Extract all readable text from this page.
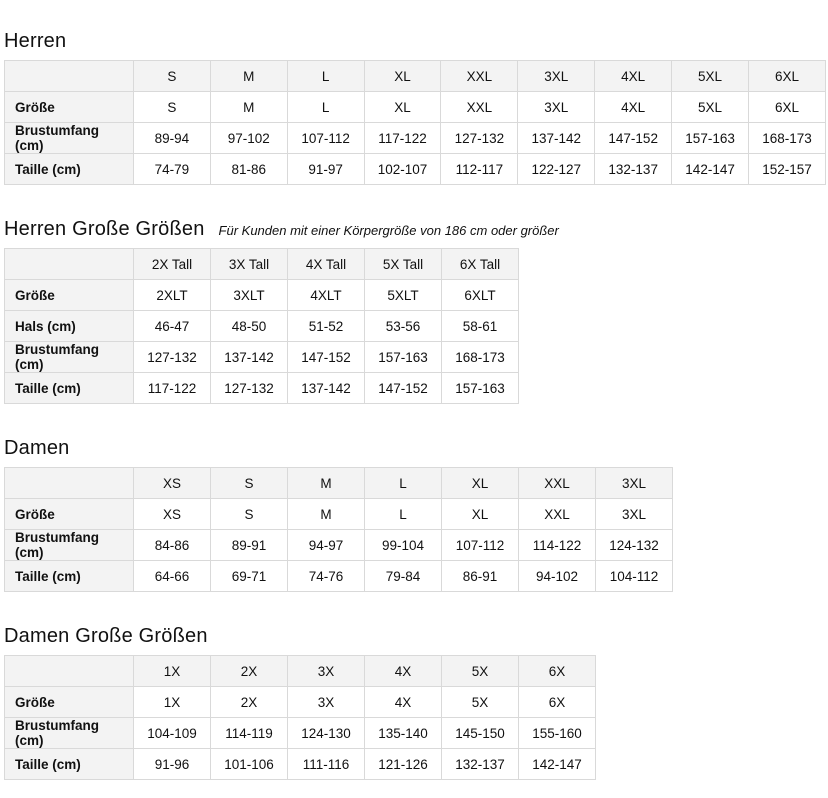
Herren
	S	M	L	XL	XXL	3XL	4XL	5XL	6XL
Größe	S	M	L	XL	XXL	3XL	4XL	5XL	6XL
Brustumfang (cm)	89-94	97-102	107-112	117-122	127-132	137-142	147-152	157-163	168-173
Taille (cm)	74-79	81-86	91-97	102-107	112-117	122-127	132-137	142-147	152-157
Herren Große Größen Für Kunden mit einer Körpergröße von 186 cm oder größer
	2X Tall	3X Tall	4X Tall	5X Tall	6X Tall
Größe	2XLT	3XLT	4XLT	5XLT	6XLT
Hals (cm)	46-47	48-50	51-52	53-56	58-61
Brustumfang (cm)	127-132	137-142	147-152	157-163	168-173
Taille (cm)	117-122	127-132	137-142	147-152	157-163
Damen
	XS	S	M	L	XL	XXL	3XL
Größe	XS	S	M	L	XL	XXL	3XL
Brustumfang (cm)	84-86	89-91	94-97	99-104	107-112	114-122	124-132
Taille (cm)	64-66	69-71	74-76	79-84	86-91	94-102	104-112
Damen Große Größen
	1X	2X	3X	4X	5X	6X
Größe	1X	2X	3X	4X	5X	6X
Brustumfang (cm)	104-109	114-119	124-130	135-140	145-150	155-160
Taille (cm)	91-96	101-106	111-116	121-126	132-137	142-147
